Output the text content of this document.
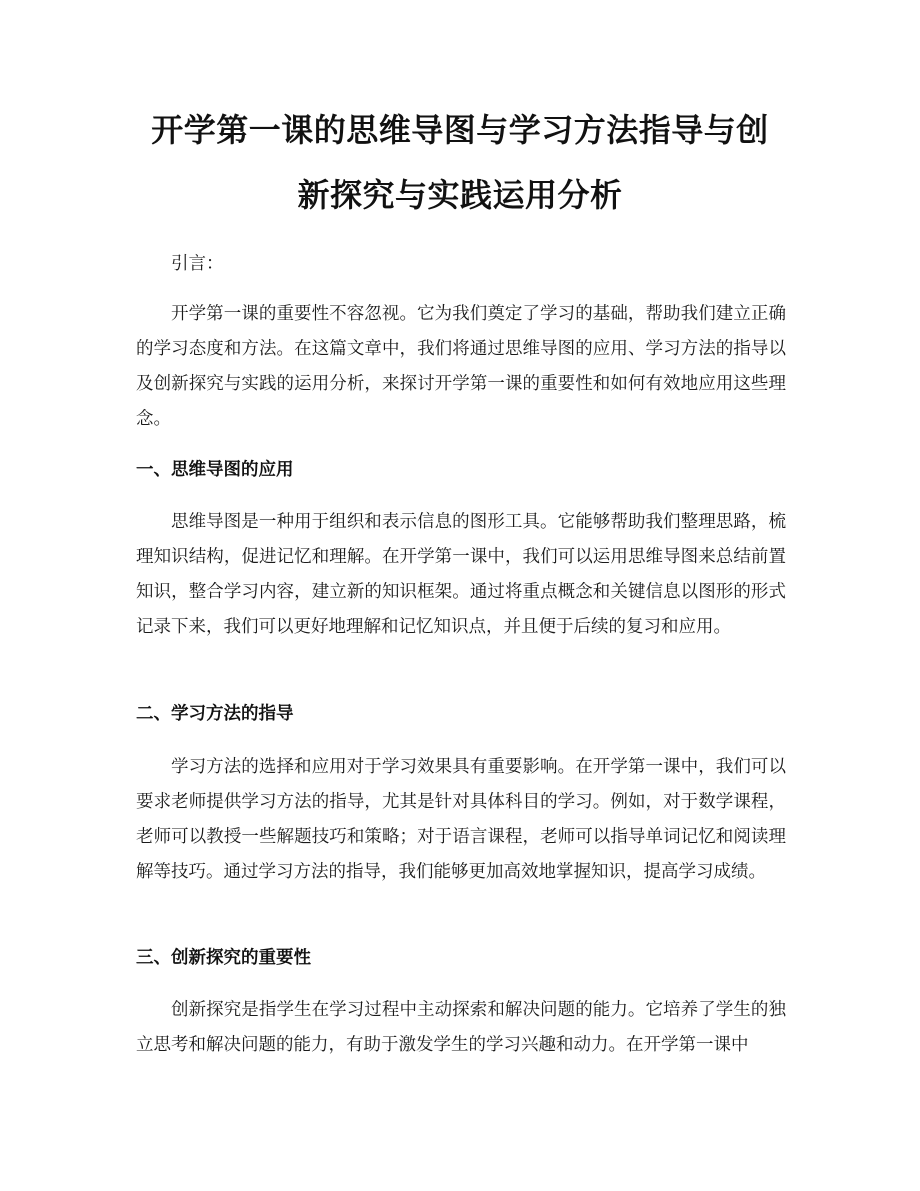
开学第一课的思维导图与学习方法指导与创
新探究与实践运用分析

引言：

开学第一课的重要性不容忽视。它为我们奠定了学习的基础，帮助我们建立正确的学习态度和方法。在这篇文章中，我们将通过思维导图的应用、学习方法的指导以及创新探究与实践的运用分析，来探讨开学第一课的重要性和如何有效地应用这些理念。

一、思维导图的应用

思维导图是一种用于组织和表示信息的图形工具。它能够帮助我们整理思路，梳理知识结构，促进记忆和理解。在开学第一课中，我们可以运用思维导图来总结前置知识，整合学习内容，建立新的知识框架。通过将重点概念和关键信息以图形的形式记录下来，我们可以更好地理解和记忆知识点，并且便于后续的复习和应用。

二、学习方法的指导

学习方法的选择和应用对于学习效果具有重要影响。在开学第一课中，我们可以要求老师提供学习方法的指导，尤其是针对具体科目的学习。例如，对于数学课程，老师可以教授一些解题技巧和策略；对于语言课程，老师可以指导单词记忆和阅读理解等技巧。通过学习方法的指导，我们能够更加高效地掌握知识，提高学习成绩。

三、创新探究的重要性

创新探究是指学生在学习过程中主动探索和解决问题的能力。它培养了学生的独立思考和解决问题的能力，有助于激发学生的学习兴趣和动力。在开学第一课中
